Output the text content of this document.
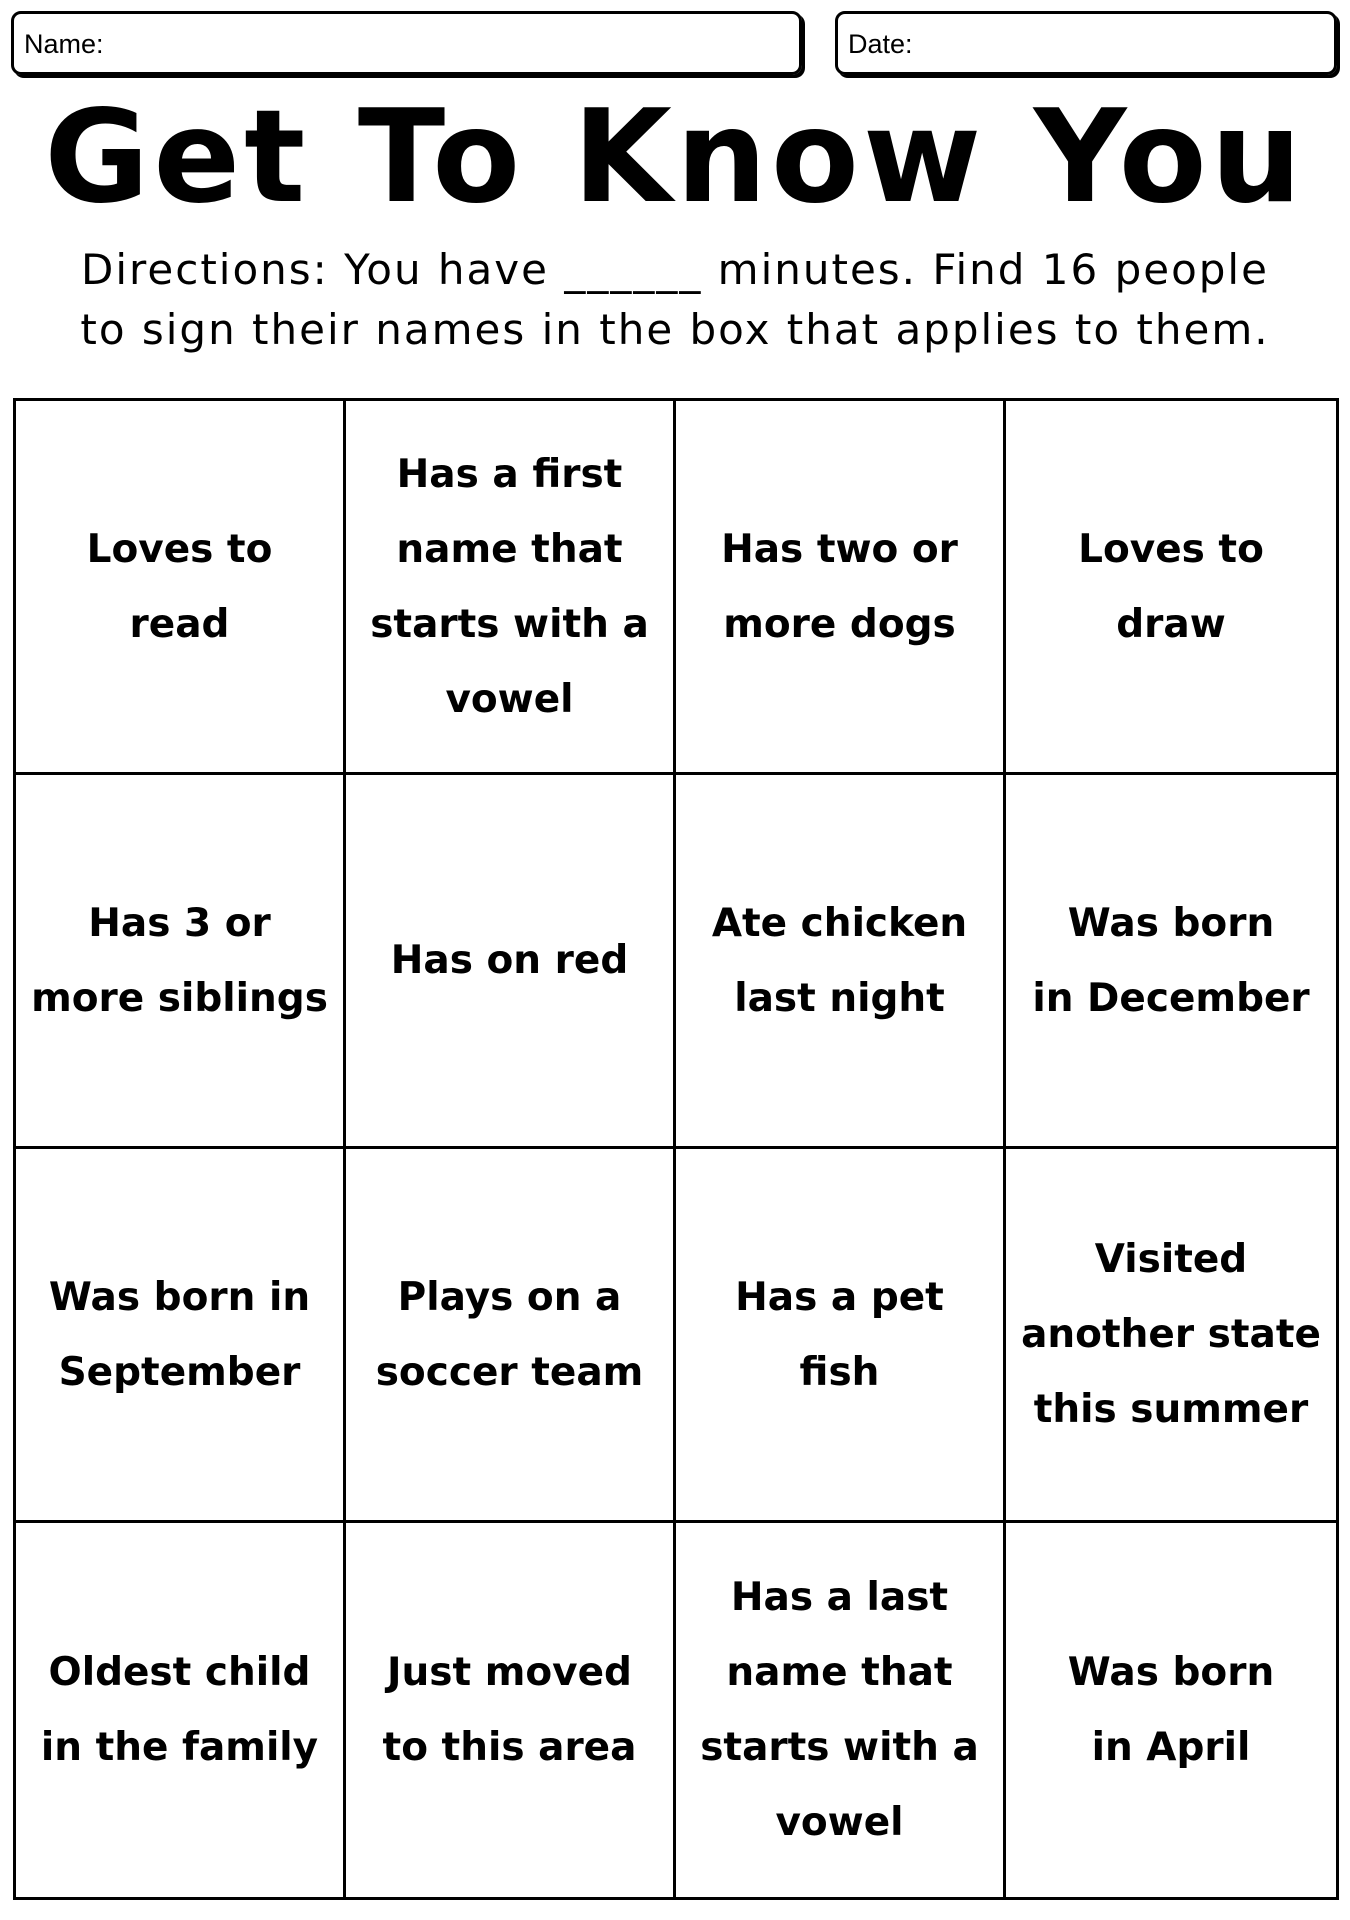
Name:	Date:
Get To Know You
Directions: You have ______ minutes. Find 16 people
to sign their names in the box that applies to them.
Loves to read
Has a first
name that
starts with a
vowel
Has two or
more dogs
Loves to draw
Has 3 or
more siblings
Has on red
Ate chicken
last night
Was born
in December
Was born in
September
Plays on a
soccer team
Has a pet fish
Visited
another state
this summer
Oldest child
in the family
Just moved
to this area
Has a last
name that
starts with a
vowel
Was born
in April
